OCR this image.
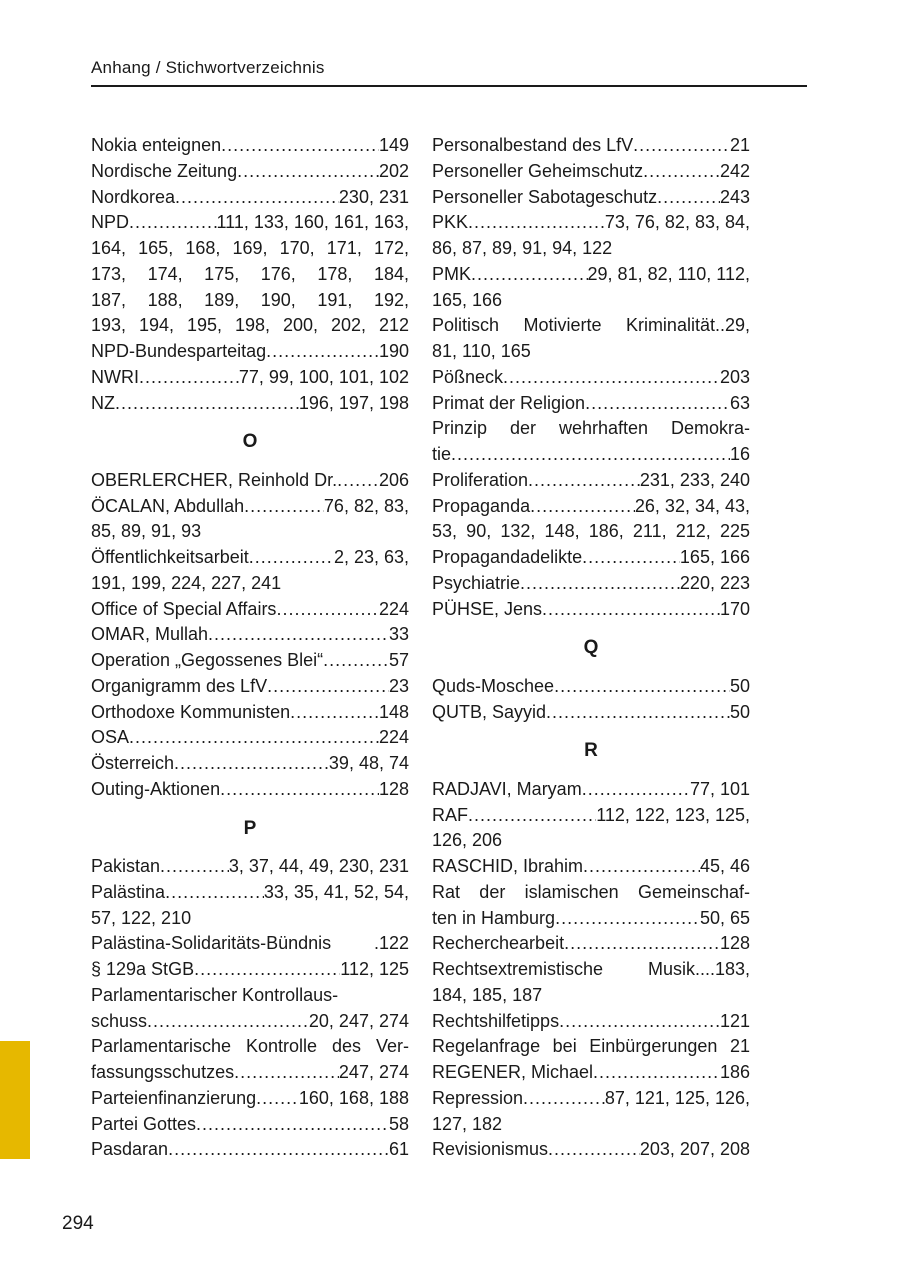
Anhang / Stichwortverzeichnis
Nokia enteignen .....	149
Nordische Zeitung .....	202
Nordkorea .....	230, 231
NPD .....	111, 133, 160, 161, 163,
164, 165, 168, 169, 170, 171, 172,
173, 174, 175, 176, 178, 184,
187, 188, 189, 190, 191, 192,
193, 194, 195, 198, 200, 202, 212
NPD-Bundesparteitag .....	190
NWRI .....	77, 99, 100, 101, 102
NZ .....	196, 197, 198
O
OBERLERCHER, Reinhold Dr. ..... 206
ÖCALAN, Abdullah .....	76, 82, 83,
85, 89, 91, 93
Öffentlichkeitsarbeit .....	2, 23, 63,
191, 199, 224, 227, 241
Office of Special Affairs .....	224
OMAR, Mullah .....	33
Operation „Gegossenes Blei“ .....	57
Organigramm des LfV .....	23
Orthodoxe Kommunisten .....	148
OSA .....	224
Österreich .....	39, 48, 74
Outing-Aktionen .....	128
P
Pakistan .....	3, 37, 44, 49, 230, 231
Palästina .....	33, 35, 41, 52, 54,
57, 122, 210
Palästina-Solidaritäts-Bündnis .122
§ 129a StGB .....	112, 125
Parlamentarischer Kontrollaus-
schuss .....	20, 247, 274
Parlamentarische Kontrolle des Ver-
fassungsschutzes .....	247, 274
Parteienfinanzierung ..... 160, 168, 188
Partei Gottes .....	58
Pasdaran .....	61
Personalbestand des LfV .....	21
Personeller Geheimschutz .....	242
Personeller Sabotageschutz .....	243
PKK .....	73, 76, 82, 83, 84,
86, 87, 89, 91, 94, 122
PMK .....	29, 81, 82, 110, 112,
165, 166
Politisch Motivierte Kriminalität..29,
81, 110, 165
Pößneck .....	203
Primat der Religion .....	63
Prinzip der wehrhaften Demokra-
tie .....	16
Proliferation .....	231, 233, 240
Propaganda .....	26, 32, 34, 43,
53, 90, 132, 148, 186, 211, 212, 225
Propagandadelikte .....	165, 166
Psychiatrie .....	220, 223
PÜHSE, Jens .....	170
Q
Quds-Moschee .....	50
QUTB, Sayyid .....	50
R
RADJAVI, Maryam .....	77, 101
RAF .....	112, 122, 123, 125,
126, 206
RASCHID, Ibrahim .....	45, 46
Rat der islamischen Gemeinschaf-
ten in Hamburg .....	50, 65
Recherchearbeit .....	128
Rechtsextremistische Musik....183,
184, 185, 187
Rechtshilfetipps .....	121
Regelanfrage bei Einbürgerungen 21
REGENER, Michael .....	186
Repression .....	87, 121, 125, 126,
127, 182
Revisionismus .....	203, 207, 208
294
